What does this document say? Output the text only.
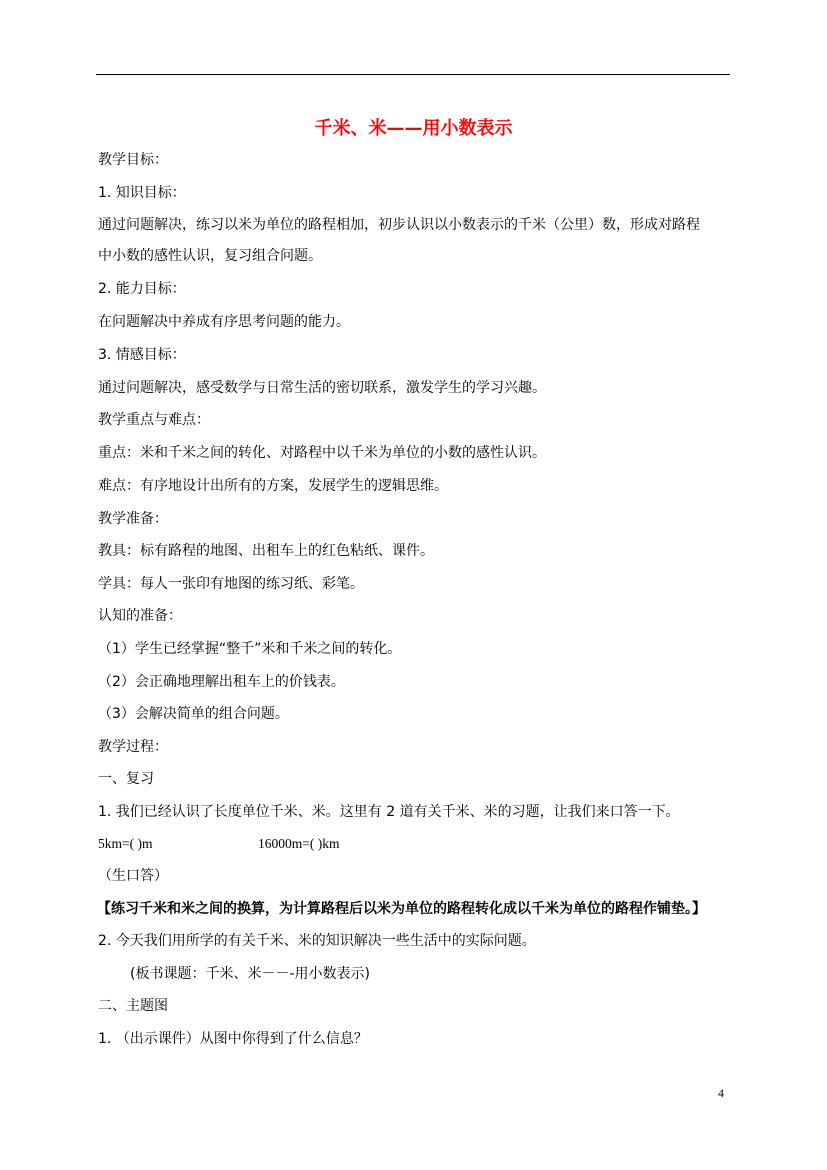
千米、米——用小数表示
教学目标：
1. 知识目标：
通过问题解决，练习以米为单位的路程相加，初步认识以小数表示的千米（公里）数，形成对路程
中小数的感性认识，复习组合问题。
2. 能力目标：
在问题解决中养成有序思考问题的能力。
3. 情感目标：
通过问题解决，感受数学与日常生活的密切联系，激发学生的学习兴趣。
教学重点与难点：
重点：米和千米之间的转化、对路程中以千米为单位的小数的感性认识。
难点：有序地设计出所有的方案，发展学生的逻辑思维。
教学准备：
教具：标有路程的地图、出租车上的红色粘纸、课件。
学具：每人一张印有地图的练习纸、彩笔。
认知的准备：
（1）学生已经掌握“整千”米和千米之间的转化。
（2）会正确地理解出租车上的价钱表。
（3）会解决简单的组合问题。
教学过程：
一、复习
1. 我们已经认识了长度单位千米、米。这里有 2 道有关千米、米的习题，让我们来口答一下。
5km=( )m	16000m=( )km
（生口答）
【练习千米和米之间的换算，为计算路程后以米为单位的路程转化成以千米为单位的路程作铺垫。】
2. 今天我们用所学的有关千米、米的知识解决一些生活中的实际问题。
(板书课题：千米、米－－-用小数表示)
二、主题图
1. （出示课件）从图中你得到了什么信息？
4
